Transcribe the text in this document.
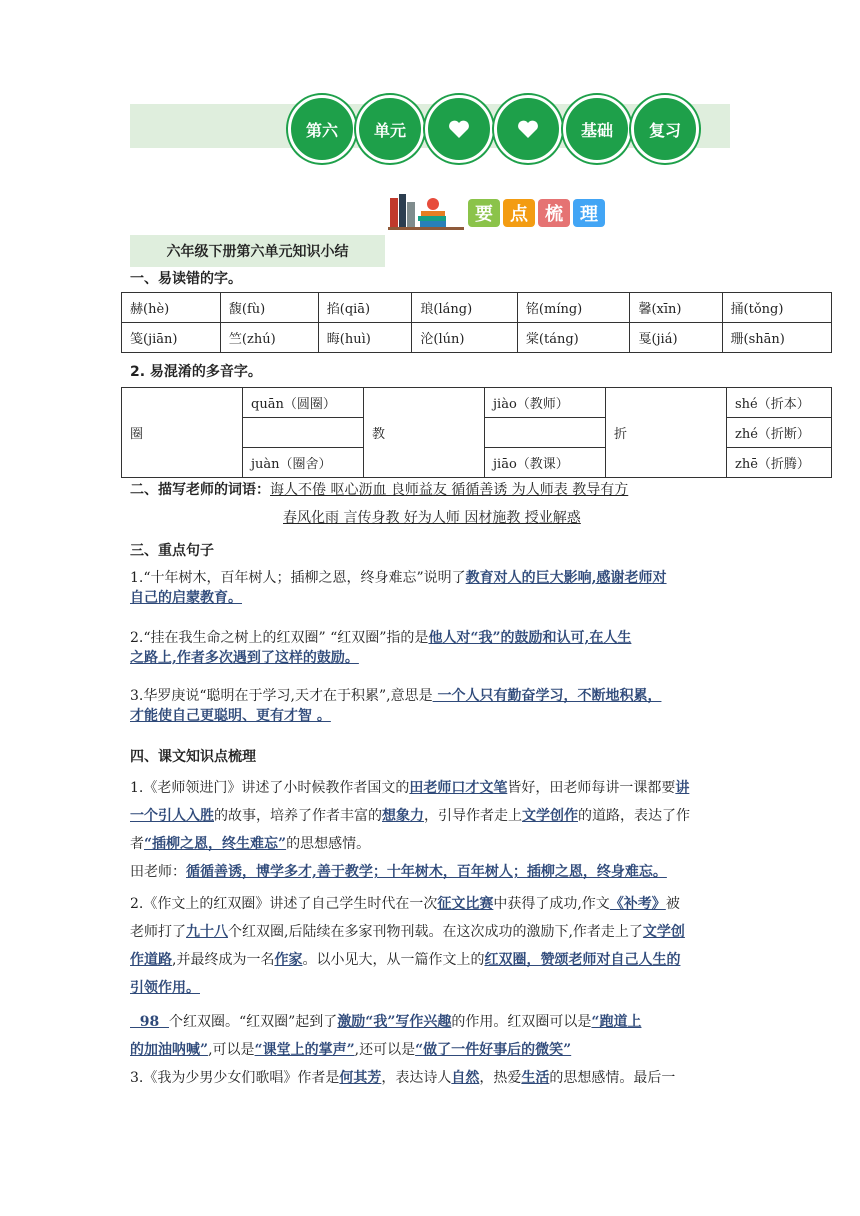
第六	单元	基础	复习
要 点 梳 理
六年级下册第六单元知识小结
一、易读错的字。
赫(hè)	馥(fù)	掐(qiā)	琅(láng)	铭(míng)	馨(xīn)	捅(tǒng)
笺(jiān)	竺(zhú)	晦(huì)	沦(lún)	棠(táng)	戛(jiá)	珊(shān)
2. 易混淆的多音字。
圈	quān（圆圈）	教	jiào（教师）	折	shé（折本）
					zhé（折断）
	juàn（圈舍）		jiāo（教课）		zhē（折腾）
二、描写老师的词语：诲人不倦 呕心沥血 良师益友 循循善诱 为人师表 教导有方
春风化雨 言传身教 好为人师 因材施教 授业解惑
三、重点句子
1.“十年树木，百年树人；插柳之恩，终身难忘”说明了教育对人的巨大影响,感谢老师对
自己的启蒙教育。
2.“挂在我生命之树上的红双圈” “红双圈”指的是他人对“我”的鼓励和认可,在人生
之路上,作者多次遇到了这样的鼓励。
3.华罗庚说“聪明在于学习,天才在于积累”,意思是 一个人只有勤奋学习，不断地积累，
才能使自己更聪明、更有才智 。
四、课文知识点梳理
1.《老师领进门》讲述了小时候教作者国文的田老师口才文笔皆好，田老师每讲一课都要讲
一个引人入胜的故事，培养了作者丰富的想象力，引导作者走上文学创作的道路，表达了作
者“插柳之恩，终生难忘”的思想感情。
田老师：循循善诱，博学多才,善于教学；十年树木，百年树人；插柳之恩，终身难忘。
2.《作文上的红双圈》讲述了自己学生时代在一次征文比赛中获得了成功,作文《补考》被
老师打了九十八个红双圈,后陆续在多家刊物刊载。在这次成功的激励下,作者走上了文学创
作道路,并最终成为一名作家。以小见大，从一篇作文上的红双圈，赞颂老师对自己人生的
引领作用。
98  个红双圈。“红双圈”起到了激励“我”写作兴趣的作用。红双圈可以是“跑道上
的加油呐喊”,可以是“课堂上的掌声”,还可以是“做了一件好事后的微笑”
3.《我为少男少女们歌唱》作者是何其芳，表达诗人自然，热爱生活的思想感情。最后一
